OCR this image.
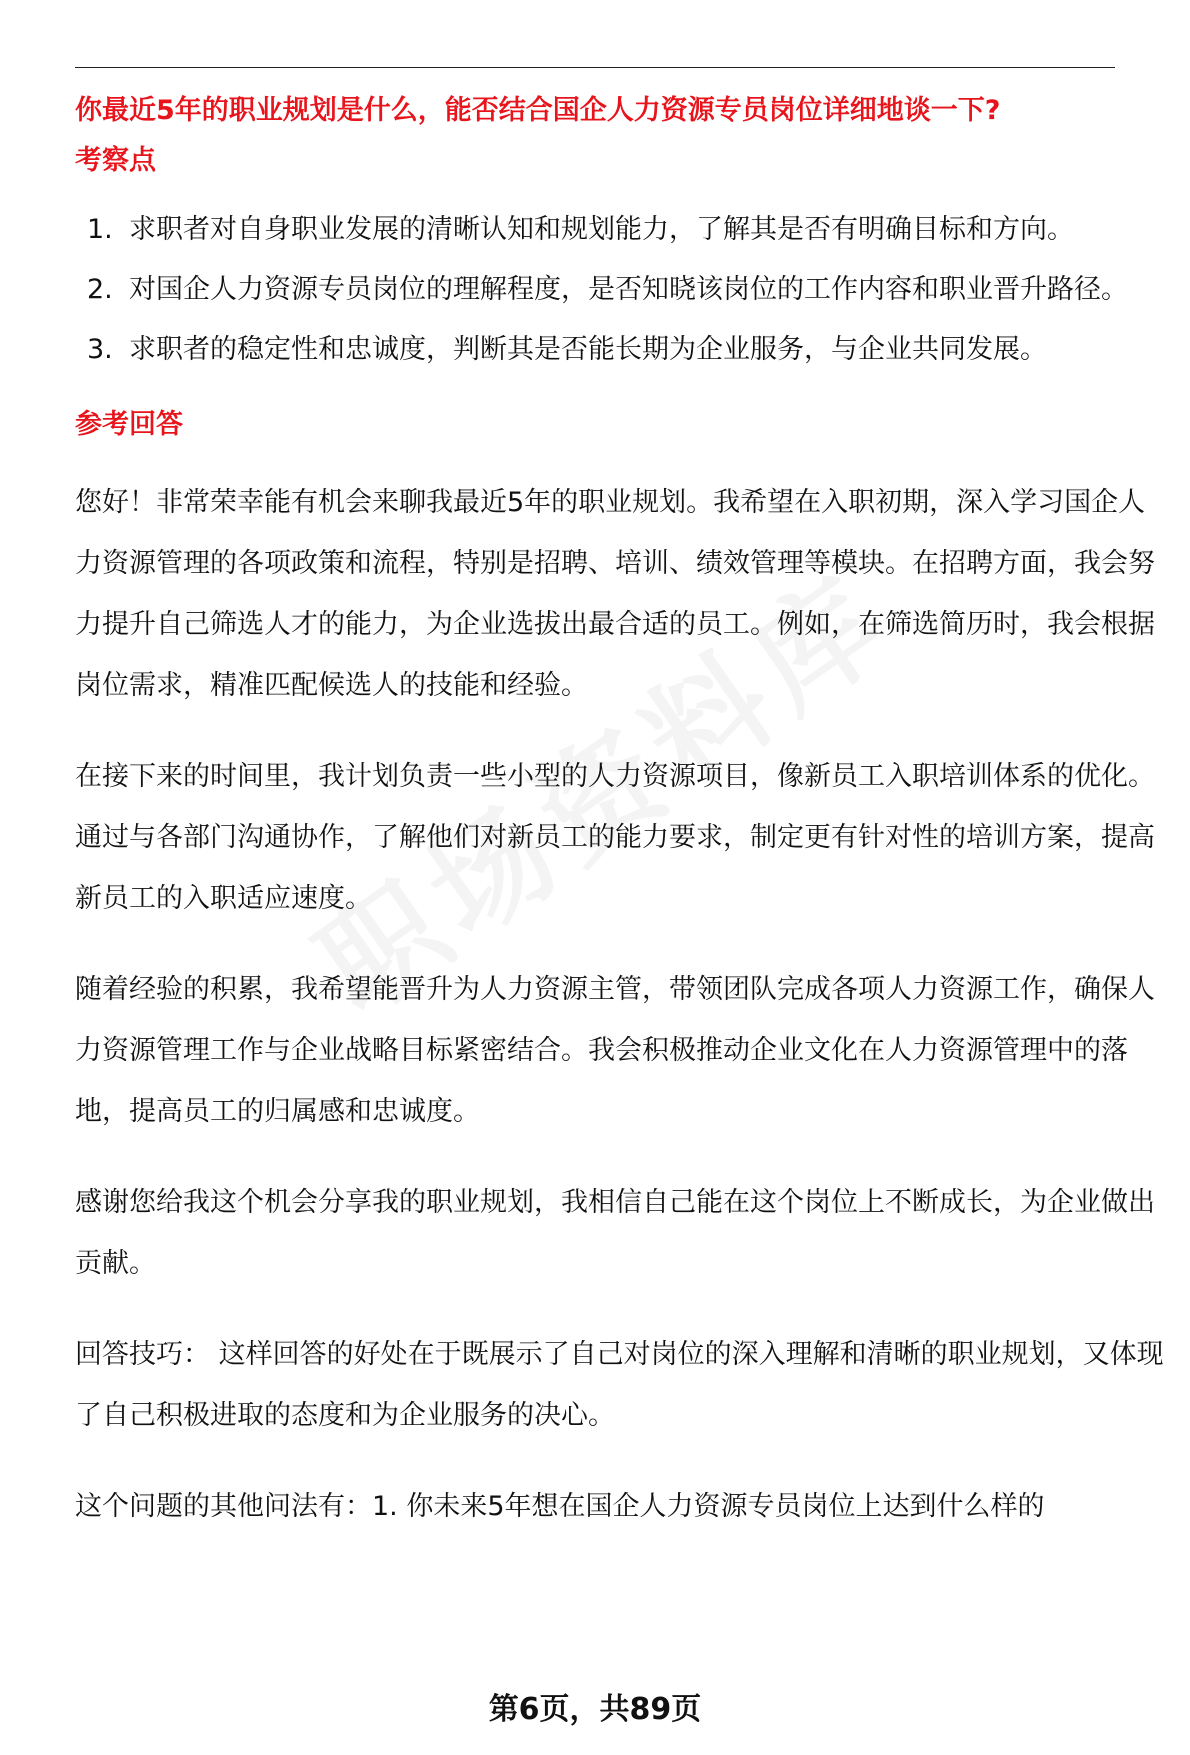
你最近5年的职业规划是什么，能否结合国企人力资源专员岗位详细地谈一下?

考察点

1. 求职者对自身职业发展的清晰认知和规划能力，了解其是否有明确目标和方向。
2. 对国企人力资源专员岗位的理解程度，是否知晓该岗位的工作内容和职业晋升路径。
3. 求职者的稳定性和忠诚度，判断其是否能长期为企业服务，与企业共同发展。

参考回答

您好！非常荣幸能有机会来聊我最近5年的职业规划。我希望在入职初期，深入学习国企人力资源管理的各项政策和流程，特别是招聘、培训、绩效管理等模块。在招聘方面，我会努力提升自己筛选人才的能力，为企业选拔出最合适的员工。例如，在筛选简历时，我会根据岗位需求，精准匹配候选人的技能和经验。

在接下来的时间里，我计划负责一些小型的人力资源项目，像新员工入职培训体系的优化。通过与各部门沟通协作，了解他们对新员工的能力要求，制定更有针对性的培训方案，提高新员工的入职适应速度。

随着经验的积累，我希望能晋升为人力资源主管，带领团队完成各项人力资源工作，确保人力资源管理工作与企业战略目标紧密结合。我会积极推动企业文化在人力资源管理中的落地，提高员工的归属感和忠诚度。

感谢您给我这个机会分享我的职业规划，我相信自己能在这个岗位上不断成长，为企业做出贡献。

回答技巧： 这样回答的好处在于既展示了自己对岗位的深入理解和清晰的职业规划，又体现了自己积极进取的态度和为企业服务的决心。

这个问题的其他问法有：1. 你未来5年想在国企人力资源专员岗位上达到什么样的

第6页，共89页
